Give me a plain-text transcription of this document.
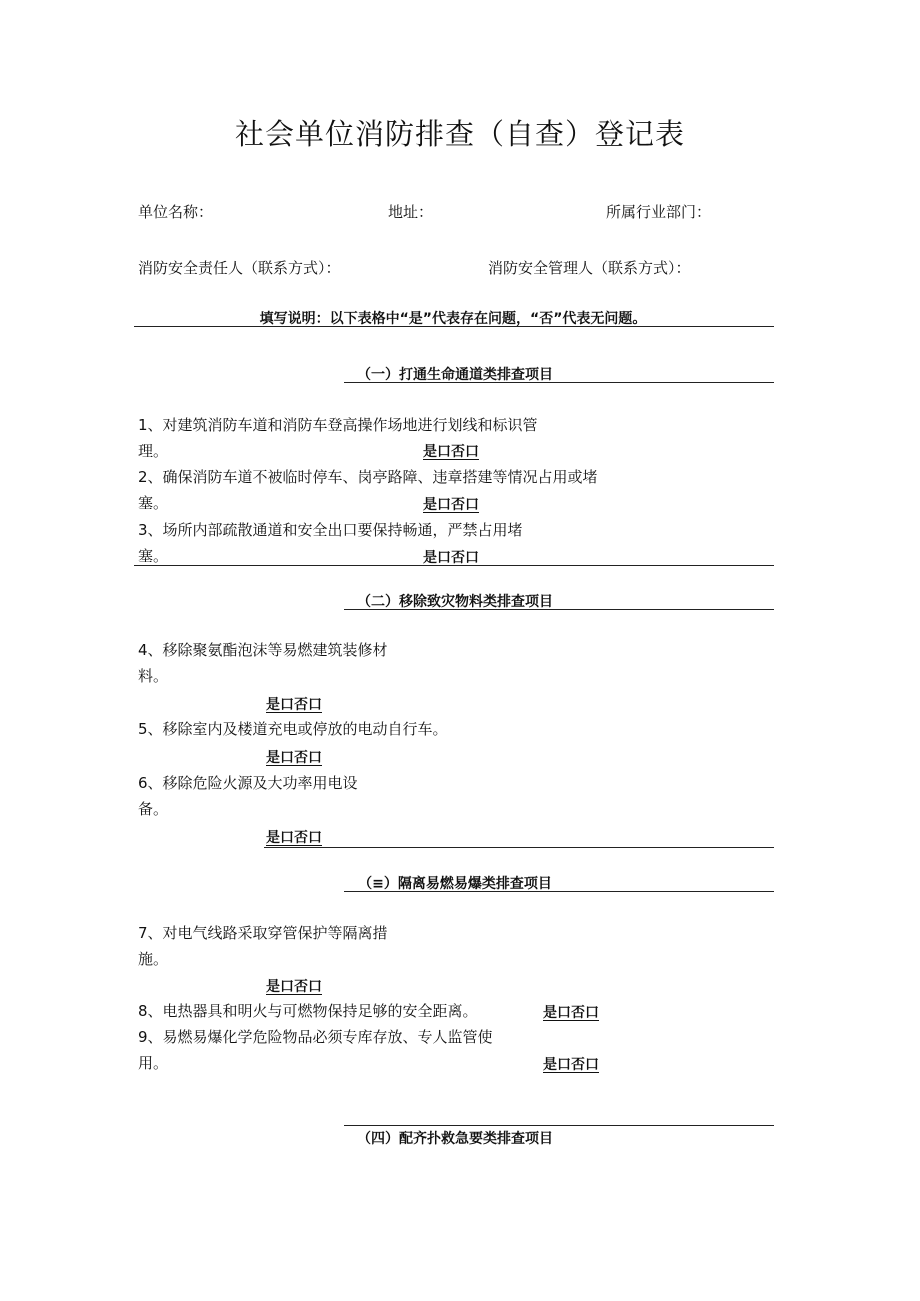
社会单位消防排查（自查）登记表
单位名称：	地址：	所属行业部门：
消防安全责任人（联系方式）：	消防安全管理人（联系方式）：
填写说明：以下表格中“是”代表存在问题，“否”代表无问题。
（一）打通生命通道类排查项目
1、对建筑消防车道和消防车登高操作场地进行划线和标识管
理。	是口否口
2、确保消防车道不被临时停车、岗亭路障、违章搭建等情况占用或堵
塞。	是口否口
3、场所内部疏散通道和安全出口要保持畅通，严禁占用堵
塞。	是口否口
（二）移除致灾物料类排查项目
4、移除聚氨酯泡沫等易燃建筑装修材
料。
是口否口
5、移除室内及楼道充电或停放的电动自行车。
是口否口
6、移除危险火源及大功率用电设
备。
是口否口
（≡）隔离易燃易爆类排查项目
7、对电气线路采取穿管保护等隔离措
施。
是口否口
8、电热器具和明火与可燃物保持足够的安全距离。	是口否口
9、易燃易爆化学危险物品必须专库存放、专人监管使
用。	是口否口
（四）配齐扑救急要类排查项目
